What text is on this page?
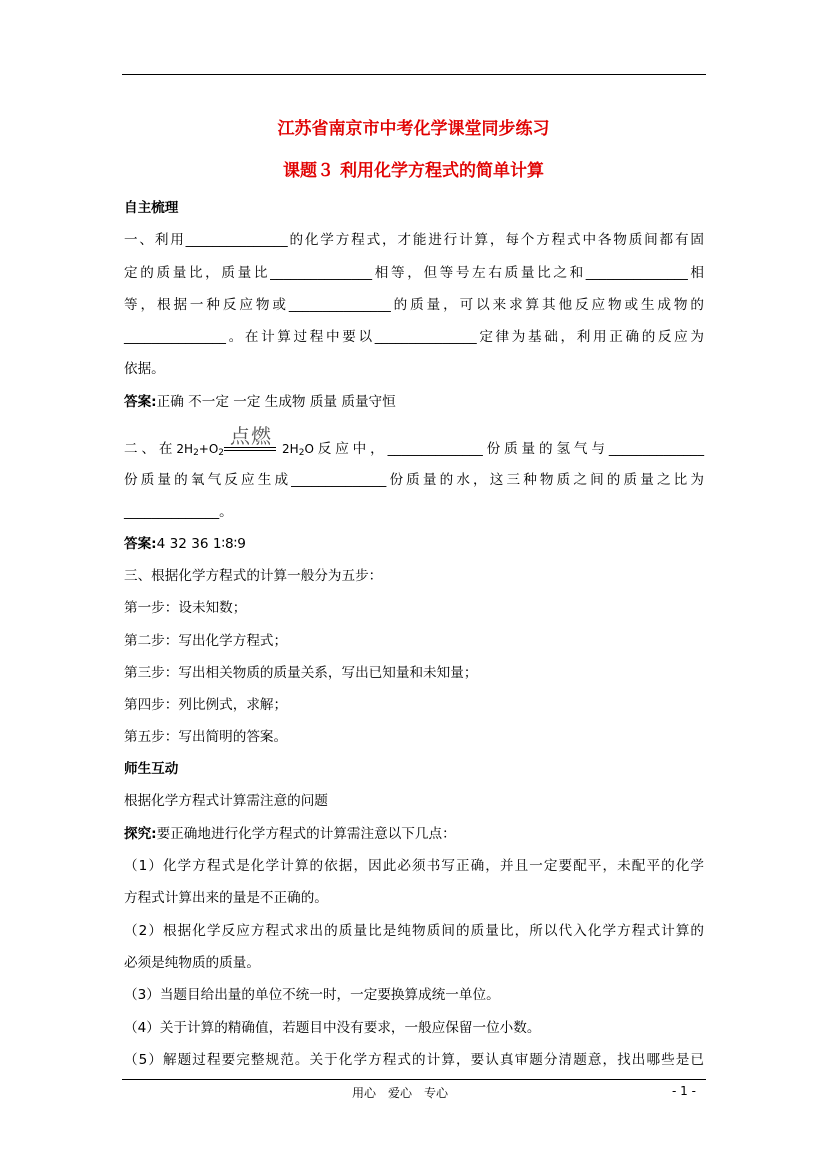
江苏省南京市中考化学课堂同步练习
课题３ 利用化学方程式的简单计算
自主梳理
一、利用_______________的化学方程式，才能进行计算，每个方程式中各物质间都有固
定的质量比，质量比_______________相等，但等号左右质量比之和_______________相
等，根据一种反应物或_______________的质量，可以来求算其他反应物或生成物的
_______________。在计算过程中要以_______________定律为基础，利用正确的反应为
依据。
答案:正确 不一定 一定 生成物 质量 质量守恒
二、在$2H_2+O_2$
点燃
$2H_2O$反应中，______________份质量的氢气与______________
份质量的氧气反应生成______________份质量的水，这三种物质之间的质量之比为
______________。
答案:4 32 36 1∶8∶9
三、根据化学方程式的计算一般分为五步：
第一步：设未知数；
第二步：写出化学方程式；
第三步：写出相关物质的质量关系，写出已知量和未知量；
第四步：列比例式，求解；
第五步：写出简明的答案。
师生互动
根据化学方程式计算需注意的问题
探究:要正确地进行化学方程式的计算需注意以下几点：
（1）化学方程式是化学计算的依据，因此必须书写正确，并且一定要配平，未配平的化学
方程式计算出来的量是不正确的。
（2）根据化学反应方程式求出的质量比是纯物质间的质量比，所以代入化学方程式计算的
必须是纯物质的质量。
（3）当题目给出量的单位不统一时，一定要换算成统一单位。
（4）关于计算的精确值，若题目中没有要求，一般应保留一位小数。
（5）解题过程要完整规范。关于化学方程式的计算，要认真审题分清题意，找出哪些是已
用心　爱心　专心	- 1 -
